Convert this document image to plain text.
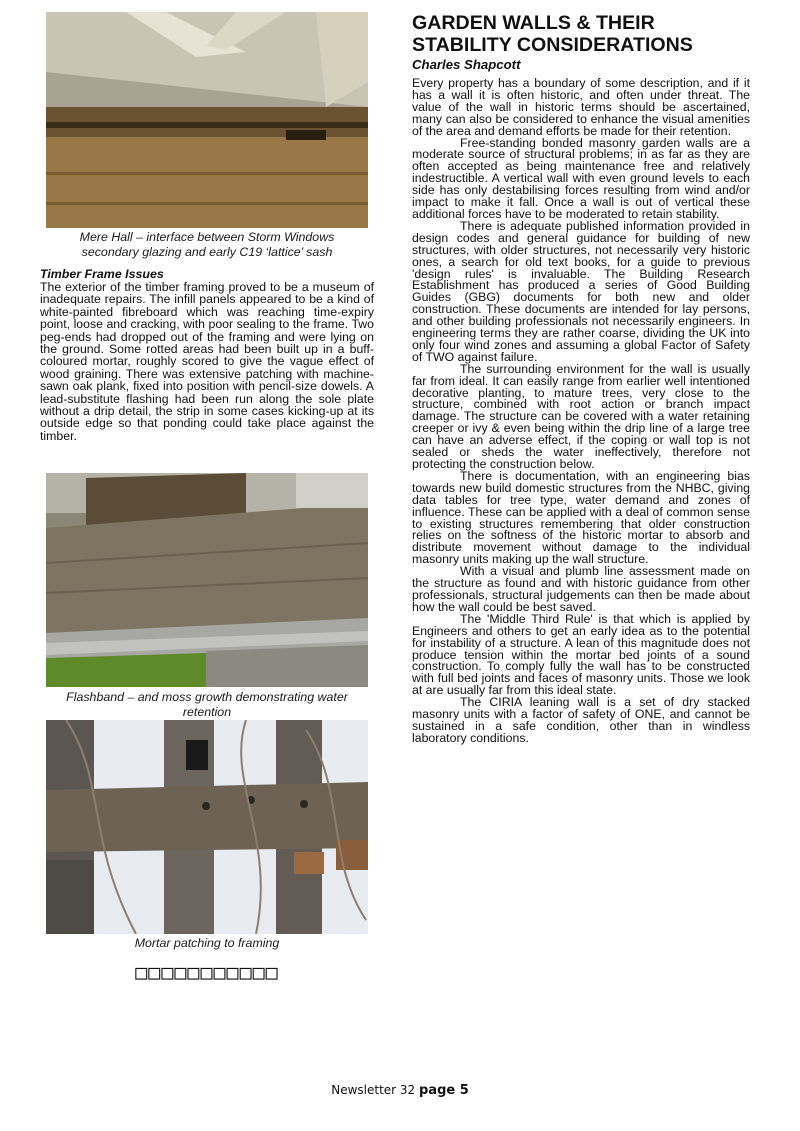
Mere Hall – interface between Storm Windows
secondary glazing and early C19 ‘lattice’ sash
Timber Frame Issues

The exterior of the timber framing proved to be a museum of inadequate repairs. The infill panels appeared to be a kind of white-painted fibreboard which was reaching time-expiry point, loose and cracking, with poor sealing to the frame. Two peg-ends had dropped out of the framing and were lying on the ground. Some rotted areas had been built up in a buff-coloured mortar, roughly scored to give the vague effect of wood graining. There was extensive patching with machine-sawn oak plank, fixed into position with pencil-size dowels. A lead-substitute flashing had been run along the sole plate without a drip detail, the strip in some cases kicking-up at its outside edge so that ponding could take place against the timber.

Flashband – and moss growth demonstrating water
retention
Mortar patching to framing
□□□□□□□□□□□
GARDEN WALLS & THEIR
STABILITY CONSIDERATIONS
Charles Shapcott

Every property has a boundary of some description, and if it has a wall it is often historic, and often under threat. The value of the wall in historic terms should be ascertained, many can also be considered to enhance the visual amenities of the area and demand efforts be made for their retention.

Free-standing bonded masonry garden walls are a moderate source of structural problems; in as far as they are often accepted as being maintenance free and relatively indestructible. A vertical wall with even ground levels to each side has only destabilising forces resulting from wind and/or impact to make it fall. Once a wall is out of vertical these additional forces have to be moderated to retain stability.

There is adequate published information provided in design codes and general guidance for building of new structures, with older structures, not necessarily very historic ones, a search for old text books, for a guide to previous 'design rules' is invaluable. The Building Research Establishment has produced a series of Good Building Guides (GBG) documents for both new and older construction. These documents are intended for lay persons, and other building professionals not necessarily engineers. In engineering terms they are rather coarse, dividing the UK into only four wind zones and assuming a global Factor of Safety of TWO against failure.

The surrounding environment for the wall is usually far from ideal. It can easily range from earlier well intentioned decorative planting, to mature trees, very close to the structure, combined with root action or branch impact damage. The structure can be covered with a water retaining creeper or ivy & even being within the drip line of a large tree can have an adverse effect, if the coping or wall top is not sealed or sheds the water ineffectively, therefore not protecting the construction below.

There is documentation, with an engineering bias towards new build domestic structures from the NHBC, giving data tables for tree type, water demand and zones of influence. These can be applied with a deal of common sense to existing structures remembering that older construction relies on the softness of the historic mortar to absorb and distribute movement without damage to the individual masonry units making up the wall structure.

With a visual and plumb line assessment made on the structure as found and with historic guidance from other professionals, structural judgements can then be made about how the wall could be best saved.

The 'Middle Third Rule' is that which is applied by Engineers and others to get an early idea as to the potential for instability of a structure. A lean of this magnitude does not produce tension within the mortar bed joints of a sound construction. To comply fully the wall has to be constructed with full bed joints and faces of masonry units. Those we look at are usually far from this ideal state.

The CIRIA leaning wall is a set of dry stacked masonry units with a factor of safety of ONE, and cannot be sustained in a safe condition, other than in windless laboratory conditions.

Newsletter 32 page 5
